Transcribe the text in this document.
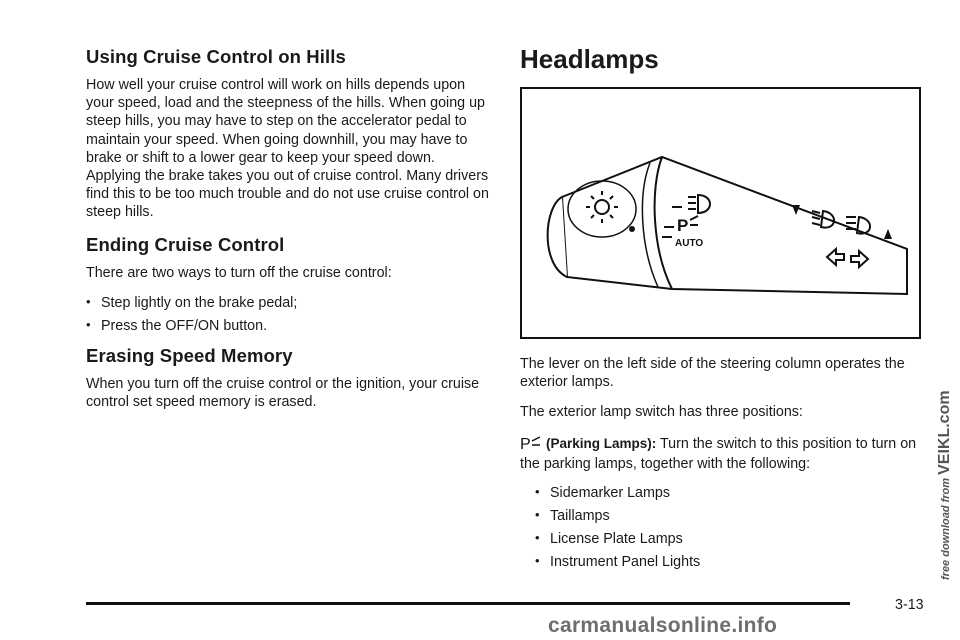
Using Cruise Control on Hills

How well your cruise control will work on hills depends upon your speed, load and the steepness of the hills. When going up steep hills, you may have to step on the accelerator pedal to maintain your speed. When going downhill, you may have to brake or shift to a lower gear to keep your speed down. Applying the brake takes you out of cruise control. Many drivers find this to be too much trouble and do not use cruise control on steep hills.

Ending Cruise Control

There are two ways to turn off the cruise control:

• Step lightly on the brake pedal;
• Press the OFF/ON button.
Erasing Speed Memory

When you turn off the cruise control or the ignition, your cruise control set speed memory is erased.

Headlamps
P
AUTO

The lever on the left side of the steering column operates the exterior lamps.

The exterior lamp switch has three positions:

P (Parking Lamps): Turn the switch to this position to turn on the parking lamps, together with the following:

• Sidemarker Lamps
• Taillamps
• License Plate Lamps
• Instrument Panel Lights
3-13
free download from VEIKL.com
carmanualsonline.info
